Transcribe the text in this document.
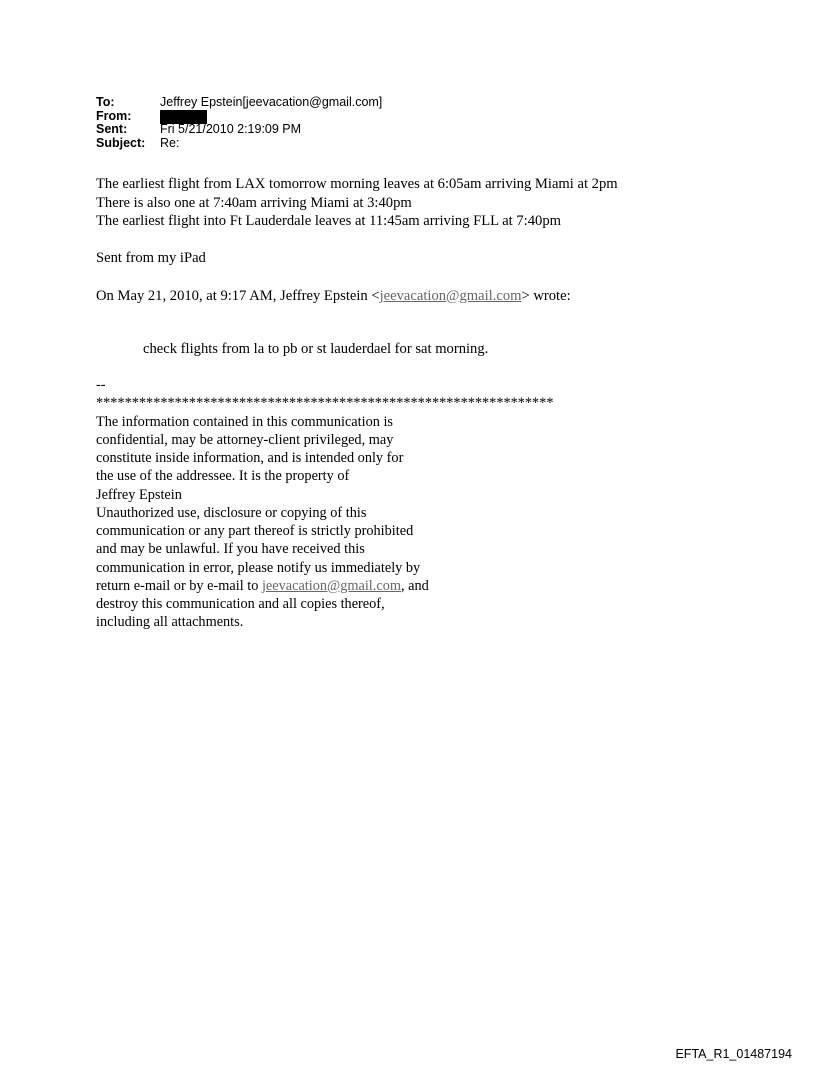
To:	Jeffrey Epstein[jeevacation@gmail.com]
From:
Sent:	Fri 5/21/2010 2:19:09 PM
Subject:	Re:
The earliest flight from LAX tomorrow morning leaves at 6:05am arriving Miami at 2pm
There is also one at 7:40am arriving Miami at 3:40pm
The earliest flight into Ft Lauderdale leaves at 11:45am arriving FLL at 7:40pm
Sent from my iPad
On May 21, 2010, at 9:17 AM, Jeffrey Epstein <jeevacation@gmail.com> wrote:
check flights from la to pb or st lauderdael for sat morning.
--
****************************************************************
The information contained in this communication is
confidential, may be attorney-client privileged, may
constitute inside information, and is intended only for
the use of the addressee. It is the property of
Jeffrey Epstein
Unauthorized use, disclosure or copying of this
communication or any part thereof is strictly prohibited
and may be unlawful. If you have received this
communication in error, please notify us immediately by
return e-mail or by e-mail to jeevacation@gmail.com, and
destroy this communication and all copies thereof,
including all attachments.
EFTA_R1_01487194
